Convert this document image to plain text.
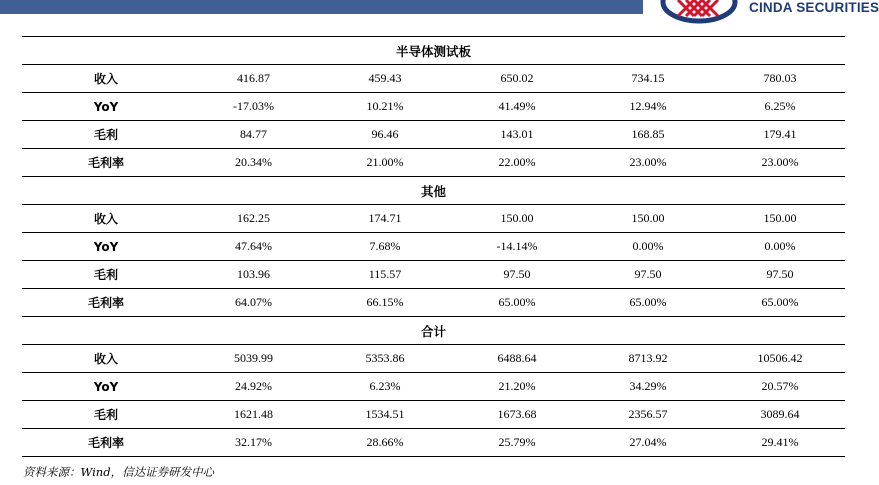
CINDA SECURITIES
半导体测试板					
收入	416.87	459.43	650.02	734.15	780.03
YoY	-17.03%	10.21%	41.49%	12.94%	6.25%
毛利	84.77	96.46	143.01	168.85	179.41
毛利率	20.34%	21.00%	22.00%	23.00%	23.00%
其他					
收入	162.25	174.71	150.00	150.00	150.00
YoY	47.64%	7.68%	-14.14%	0.00%	0.00%
毛利	103.96	115.57	97.50	97.50	97.50
毛利率	64.07%	66.15%	65.00%	65.00%	65.00%
合计					
收入	5039.99	5353.86	6488.64	8713.92	10506.42
YoY	24.92%	6.23%	21.20%	34.29%	20.57%
毛利	1621.48	1534.51	1673.68	2356.57	3089.64
毛利率	32.17%	28.66%	25.79%	27.04%	29.41%
资料来源：Wind，信达证券研发中心
